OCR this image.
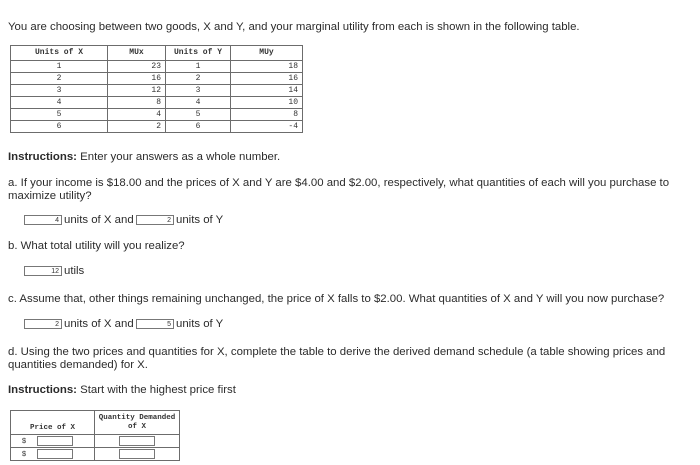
You are choosing between two goods, X and Y, and your marginal utility from each is shown in the following table.
Units of X	MUx	Units of Y	MUy
1	23	1	18
2	16	2	16
3	12	3	14
4	8	4	10
5	4	5	8
6	2	6	-4
Instructions: Enter your answers as a whole number.
a. If your income is $18.00 and the prices of X and Y are $4.00 and $2.00, respectively, what quantities of each will you purchase to maximize utility?
4 units of X and	2 units of Y
b. What total utility will you realize?
12 utils
c. Assume that, other things remaining unchanged, the price of X falls to $2.00. What quantities of X and Y will you now purchase?
2 units of X and	5 units of Y
d. Using the two prices and quantities for X, complete the table to derive the derived demand schedule (a table showing prices and quantities demanded) for X.
Instructions: Start with the highest price first
Price of X	Quantity Demanded of X
$	
$	
